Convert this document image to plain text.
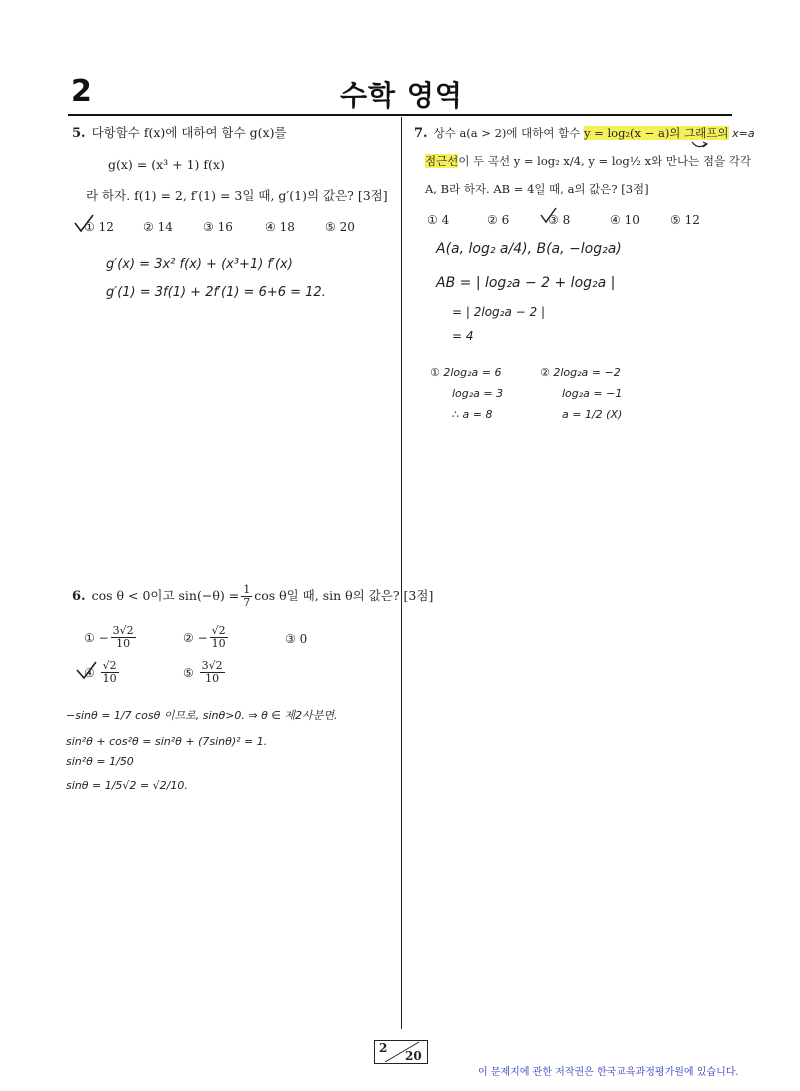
2	수학 영역
5. 다항함수 f(x)에 대하여 함수 g(x)를
g(x) = (x³ + 1) f(x)
라 하자. f(1) = 2, f′(1) = 3일 때, g′(1)의 값은? [3점]
① 12 ② 14	③ 16	④ 18	⑤ 20
g′(x) = 3x² f(x) + (x³+1) f′(x)
g′(1) = 3f(1) + 2f′(1) = 6+6 = 12.
6. cos θ < 0이고 $\sin(-\theta) = \frac{1}{7}$ cos θ일 때, sin θ의 값은? [3점]
①
− $\frac{3√2}{10}$	②
− $\frac{√2}{10}$	③ 0
④
$\frac{√2}{10}$	⑤
$\frac{3√2}{10}$
−sinθ = 1/7 cosθ 이므로, sinθ>0. ⇒ θ ∈ 제2사분면.
sin²θ + cos²θ = sin²θ + (7sinθ)² = 1.
sin²θ = 1/50
sinθ = 1/5√2 = √2/10.
7. 상수 a(a > 2)에 대하여 함수 y = log₂(x − a)의 그래프의 x=a
점근선이 두 곡선 y = log₂ x/4, y = log½ x와 만나는 점을 각각
A, B라 하자. AB = 4일 때, a의 값은? [3점]
① 4	② 6	③ 8	④ 10	⑤ 12
A(a, log₂ a/4), B(a, −log₂a)
AB = | log₂a − 2 + log₂a |
= | 2log₂a − 2 |
= 4
① 2log₂a = 6
log₂a = 3
∴ a = 8
② 2log₂a = −2
log₂a = −1
a = 1/2 (X)
2
20
이 문제지에 관한 저작권은 한국교육과정평가원에 있습니다.
